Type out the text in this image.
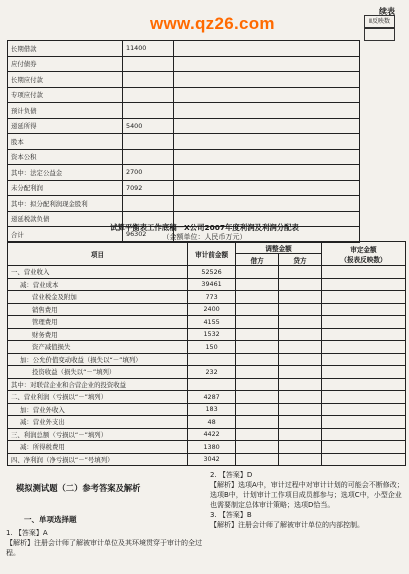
www.qz26.com
续表
Ⅱ反映数
长期借款	11400	
应付债券		
长期应付款		
专项应付款		
预计负债		
递延所得	5400	
股本		
资本公积		
其中：法定公益金	2700	
未分配利润	7092	
其中：拟分配利润现金股利		
递延税款负债		
合计	96302	
试算平衡表工作底稿一X公司2007年度利润及利润分配表
（金额单位：人民币万元）
项目	审计前金额	调整金额		审定金额
（报表反映数）

		借方	贷方	
一、营业收入	52526			
减：营业成本	39461			
营业税金及附加	773			
销售费用	2400			
管理费用	4155			
财务费用	1532			
资产减值损失	150			
加：公允价值变动收益（损失以“－”填列）				
投资收益（损失以“－”填列）	232			
其中：对联营企业和合营企业的投资收益				
二、营业利润（亏损以“－”填列）	4287			
加：营业外收入	183			
减：营业外支出	48			
三、利润总额（亏损以“－”填列）	4422			
减：所得税费用	1380			
四、净利润（净亏损以“－”号填列）	3042			
模拟测试题（二）参考答案及解析
一、单项选择题
1. 【答案】A
【解析】注册会计师了解被审计单位及其环境贯穿于审计的全过程。
2. 【答案】D
【解析】选项A中，审计过程中对审计计划的可能会不断修改；选项B中，计划审计工作项目成员都参与；选项C中，小型企业也需要制定总体审计策略；选项D恰当。
3. 【答案】B
【解析】注册会计师了解被审计单位的内部控制。
